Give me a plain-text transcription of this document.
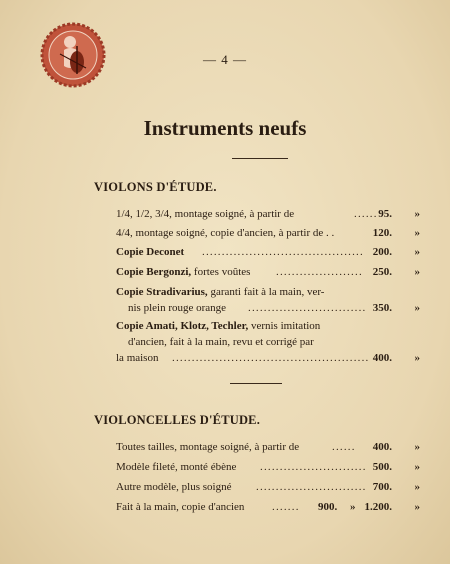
— 4 —
Instruments neufs
VIOLONS D'ÉTUDE.
1/4, 1/2, 3/4, montage soigné, à partir de	...... 95. »
4/4, montage soigné, copie d'ancien, à partir de . .	120. »
Copie Deconet ......................................... 200. »
Copie Bergonzi, fortes voûtes ...................... 250. »
Copie Stradivarius, garanti fait à la main, ver-
nis plein rouge orange .............................. 350. »
Copie Amati, Klotz, Techler, vernis imitation
d'ancien, fait à la main, revu et corrigé par
la maison .................................................. 400. »
VIOLONCELLES D'ÉTUDE.
Toutes tailles, montage soigné, à partir de	...... 400. »
Modèle fileté, monté ébène ........................... 500. »
Autre modèle, plus soigné ............................ 700. »
Fait à la main, copie d'ancien	.......	900. » 1.200. »
